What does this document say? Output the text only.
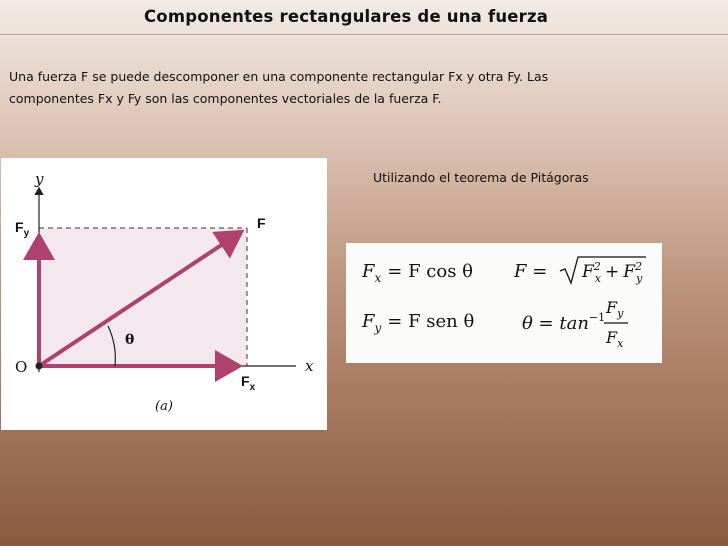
Componentes rectangulares de una fuerza
Una fuerza F se puede descomponer en una componente rectangular Fx y otra Fy. Las
componentes Fx y Fy son las componentes vectoriales de la fuerza F.
y
x
O
F
$F_y$
$F_x$
θ
(a)
Utilizando el teorema de Pitágoras
$F_x = F$ cos θ
$F_y = F$ sen θ
$F = F^2$ $x + F^2$ y
$\theta = \tan^{-1}$
$F_y$
$F_x$
